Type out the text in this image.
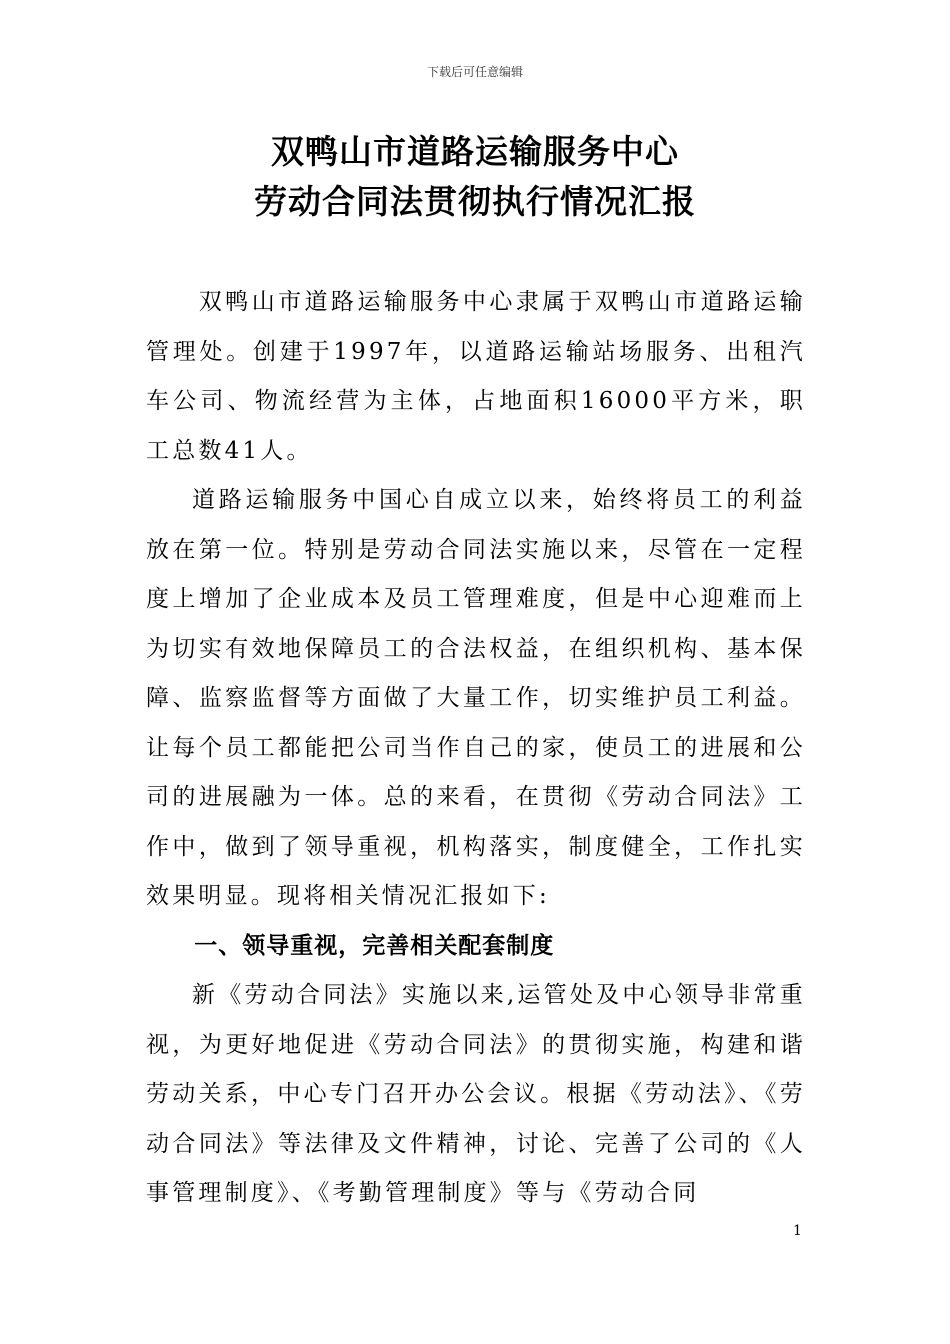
下载后可任意编辑
双鸭山市道路运输服务中心
劳动合同法贯彻执行情况汇报

双鸭山市道路运输服务中心隶属于双鸭山市道路运输管理处。创建于1997年，以道路运输站场服务、出租汽车公司、物流经营为主体，占地面积16000平方米，职工总数41人。

道路运输服务中国心自成立以来，始终将员工的利益放在第一位。特别是劳动合同法实施以来，尽管在一定程度上增加了企业成本及员工管理难度，但是中心迎难而上为切实有效地保障员工的合法权益，在组织机构、基本保障、监察监督等方面做了大量工作，切实维护员工利益。让每个员工都能把公司当作自己的家，使员工的进展和公司的进展融为一体。总的来看，在贯彻《劳动合同法》工作中，做到了领导重视，机构落实，制度健全，工作扎实效果明显。现将相关情况汇报如下:

一、领导重视，完善相关配套制度

新《劳动合同法》实施以来,运管处及中心领导非常重视，为更好地促进《劳动合同法》的贯彻实施，构建和谐劳动关系，中心专门召开办公会议。根据《劳动法》、《劳动合同法》等法律及文件精神，讨论、完善了公司的《人事管理制度》、《考勤管理制度》等与《劳动合同

1
